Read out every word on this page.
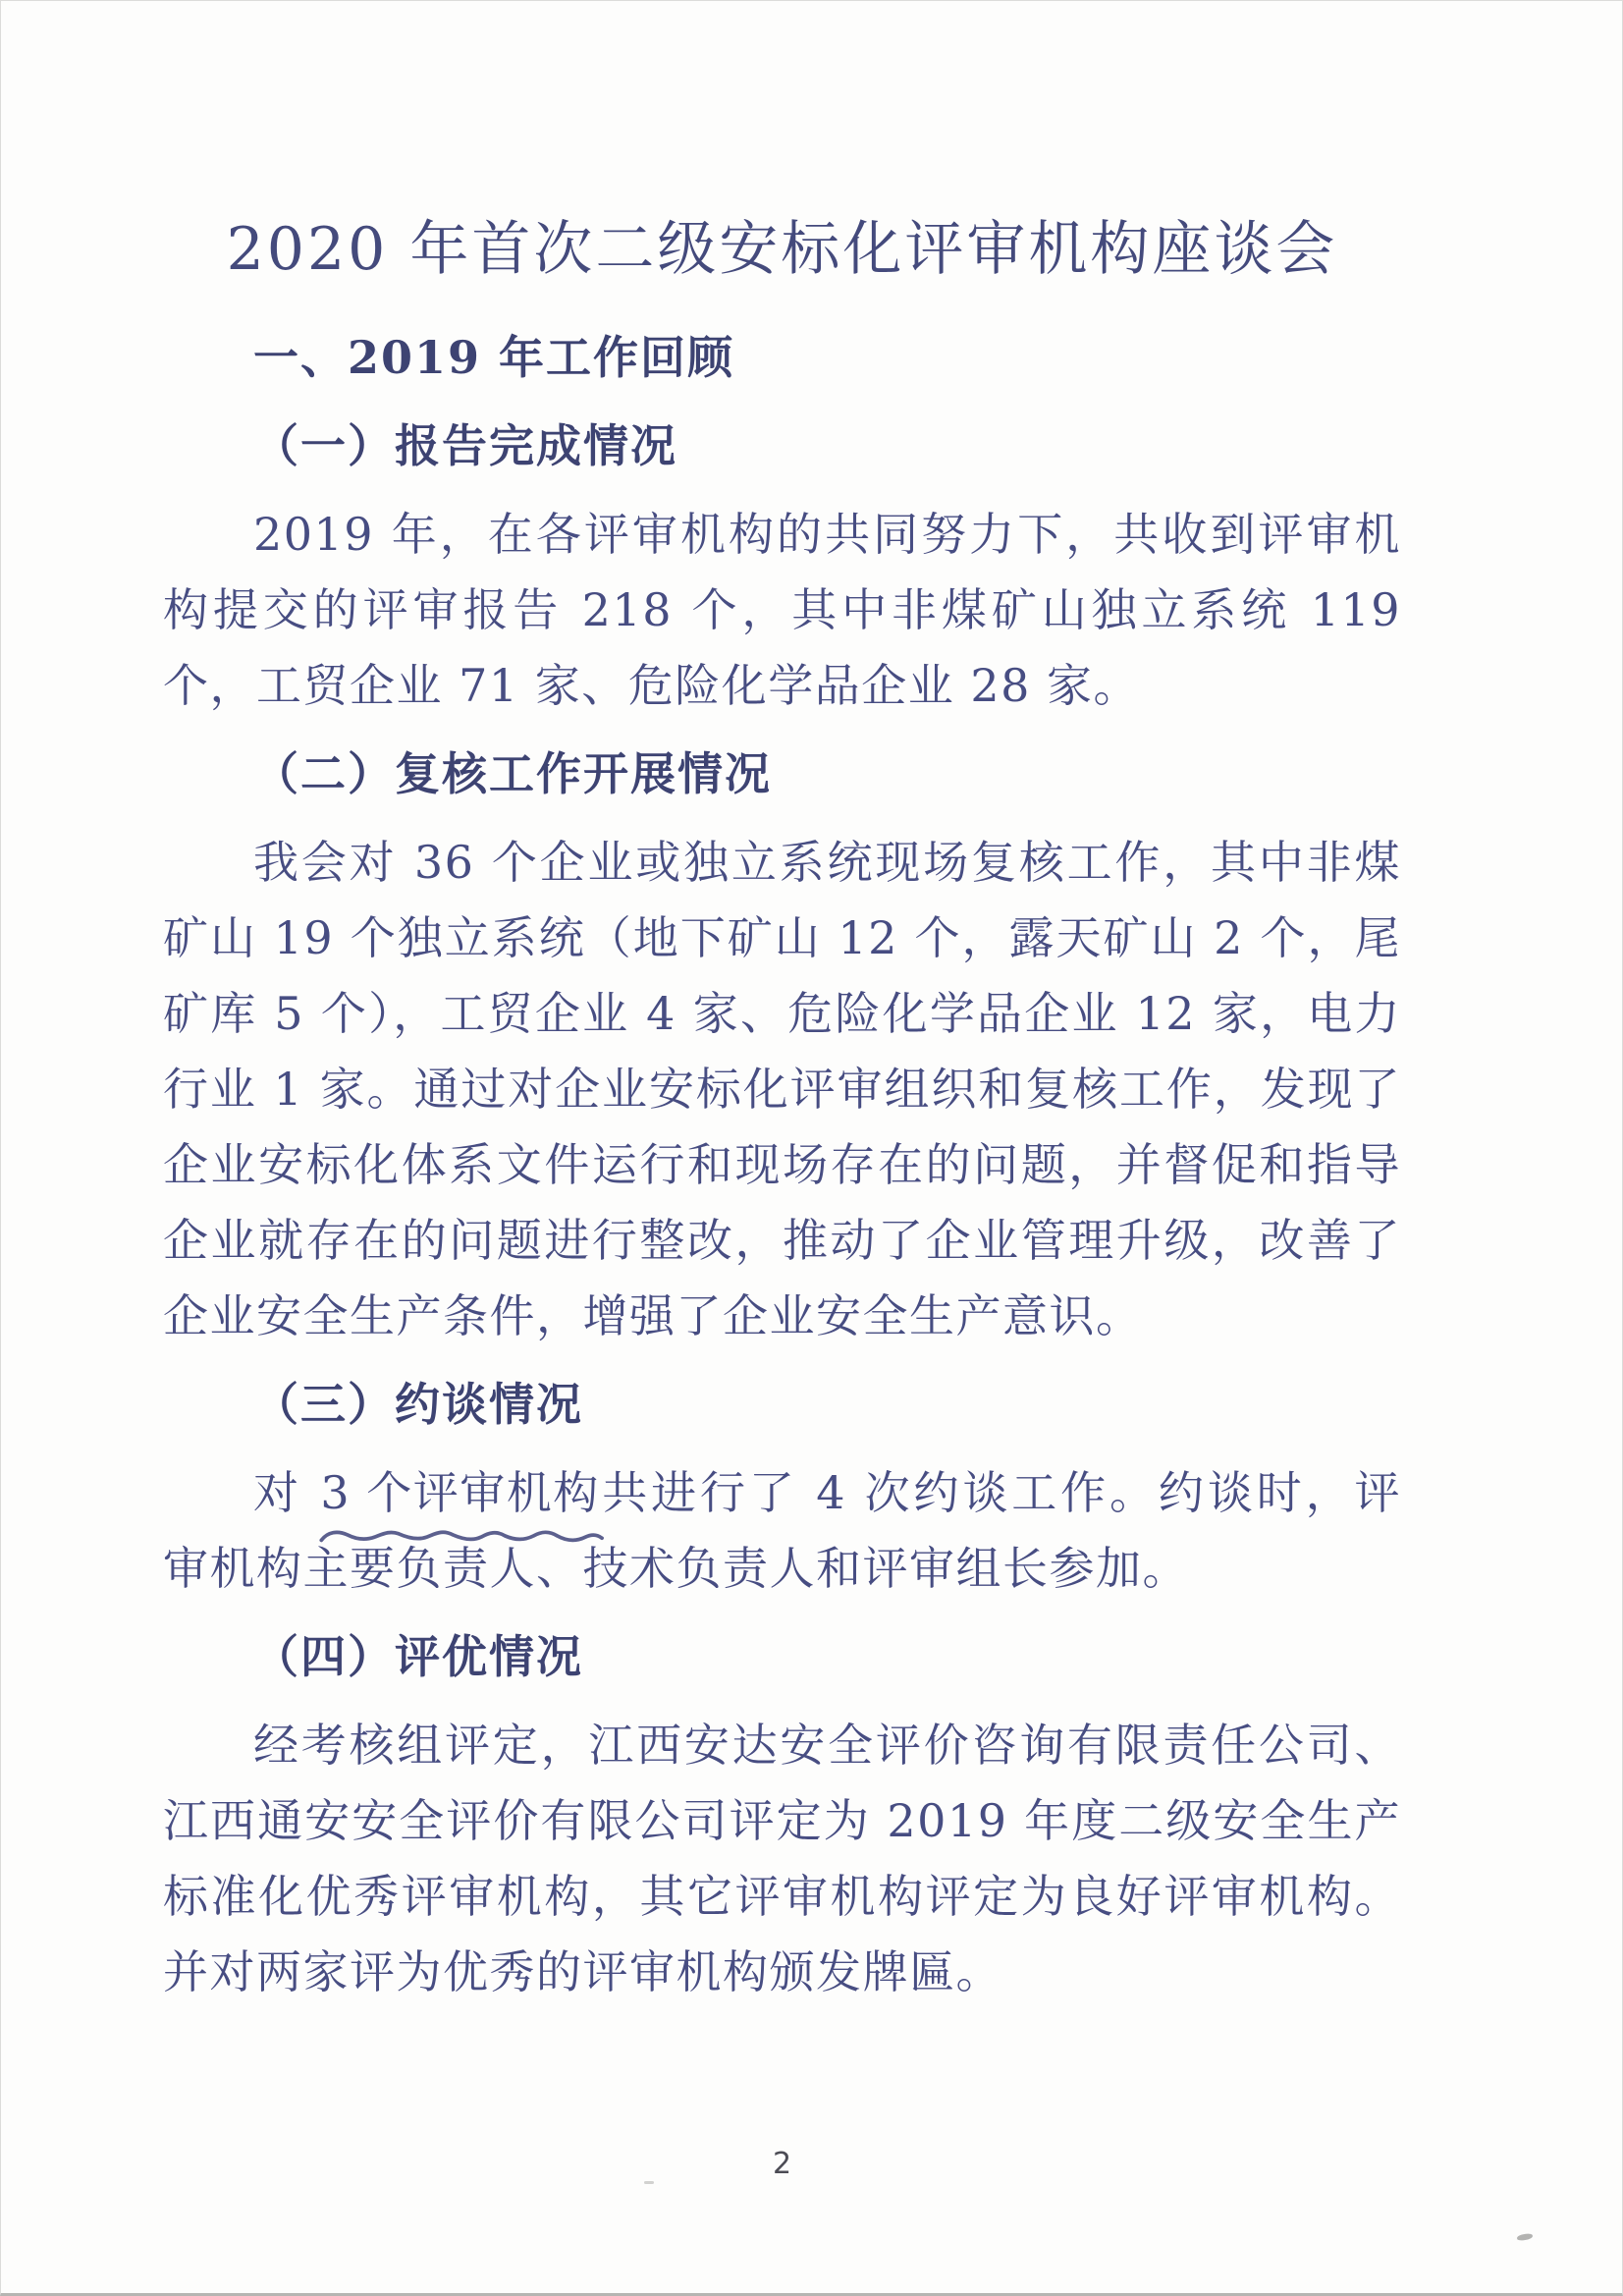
2020 年首次二级安标化评审机构座谈会
一、2019 年工作回顾
（一）报告完成情况

2019 年，在各评审机构的共同努力下，共收到评审机构提交的评审报告 218 个，其中非煤矿山独立系统 119 个，工贸企业 71 家、危险化学品企业 28 家。

（二）复核工作开展情况

我会对 36 个企业或独立系统现场复核工作，其中非煤矿山 19 个独立系统（地下矿山 12 个，露天矿山 2 个，尾矿库 5 个），工贸企业 4 家、危险化学品企业 12 家，电力行业 1 家。通过对企业安标化评审组织和复核工作，发现了企业安标化体系文件运行和现场存在的问题，并督促和指导企业就存在的问题进行整改，推动了企业管理升级，改善了企业安全生产条件，增强了企业安全生产意识。

（三）约谈情况

对 3 个评审机构
共进行了 4 次约谈工作。约谈时，评审机构主要负责人、技术负责人和评审组长参加。

（四）评优情况

经考核组评定，江西安达安全评价咨询有限责任公司、江西通安安全评价有限公司评定为 2019 年度二级安全生产标准化优秀评审机构，其它评审机构评定为良好评审机构。并对两家评为优秀的评审机构颁发牌匾。

2
